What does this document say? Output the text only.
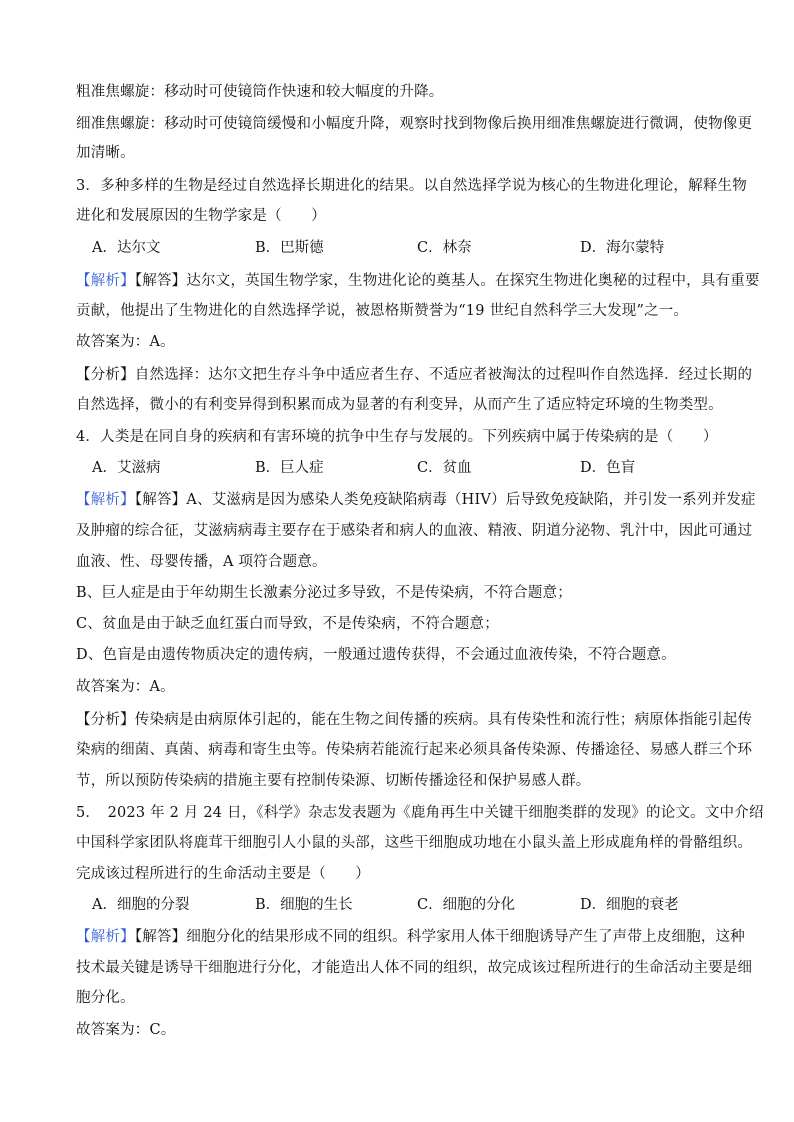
粗准焦螺旋：移动时可使镜筒作快速和较大幅度的升降。
细准焦螺旋：移动时可使镜筒缓慢和小幅度升降，观察时找到物像后换用细准焦螺旋进行微调，使物像更
加清晰。
3．多种多样的生物是经过自然选择长期进化的结果。以自然选择学说为核心的生物进化理论，解释生物
进化和发展原因的生物学家是（　　）
A．达尔文	B．巴斯德	C．林奈	D．海尔蒙特
【解析】【解答】达尔文，英国生物学家，生物进化论的奠基人。在探究生物进化奥秘的过程中，具有重要
贡献，他提出了生物进化的自然选择学说，被恩格斯赞誉为“19 世纪自然科学三大发现”之一。
故答案为：A。
【分析】自然选择：达尔文把生存斗争中适应者生存、不适应者被淘汰的过程叫作自然选择．经过长期的
自然选择，微小的有利变异得到积累而成为显著的有利变异，从而产生了适应特定环境的生物类型。
4．人类是在同自身的疾病和有害环境的抗争中生存与发展的。下列疾病中属于传染病的是（　　）
A．艾滋病	B．巨人症	C．贫血	D．色盲
【解析】【解答】A、艾滋病是因为感染人类免疫缺陷病毒（HIV）后导致免疫缺陷，并引发一系列并发症
及肿瘤的综合征，艾滋病病毒主要存在于感染者和病人的血液、精液、阴道分泌物、乳汁中，因此可通过
血液、性、母婴传播，A 项符合题意。
B、巨人症是由于年幼期生长激素分泌过多导致，不是传染病，不符合题意；
C、贫血是由于缺乏血红蛋白而导致，不是传染病，不符合题意；
D、色盲是由遗传物质决定的遗传病，一般通过遗传获得，不会通过血液传染，不符合题意。
故答案为：A。
【分析】传染病是由病原体引起的，能在生物之间传播的疾病。具有传染性和流行性；病原体指能引起传
染病的细菌、真菌、病毒和寄生虫等。传染病若能流行起来必须具备传染源、传播途径、易感人群三个环
节，所以预防传染病的措施主要有控制传染源、切断传播途径和保护易感人群。
5．　2023 年 2 月 24 日，《科学》杂志发表题为《鹿角再生中关键干细胞类群的发现》的论文。文中介绍
中国科学家团队将鹿茸干细胞引人小鼠的头部，这些干细胞成功地在小鼠头盖上形成鹿角样的骨骼组织。
完成该过程所进行的生命活动主要是（　　）
A．细胞的分裂	B．细胞的生长	C．细胞的分化	D．细胞的衰老
【解析】【解答】细胞分化的结果形成不同的组织。科学家用人体干细胞诱导产生了声带上皮细胞，这种
技术最关键是诱导干细胞进行分化，才能造出人体不同的组织，故完成该过程所进行的生命活动主要是细
胞分化。
故答案为：C。
